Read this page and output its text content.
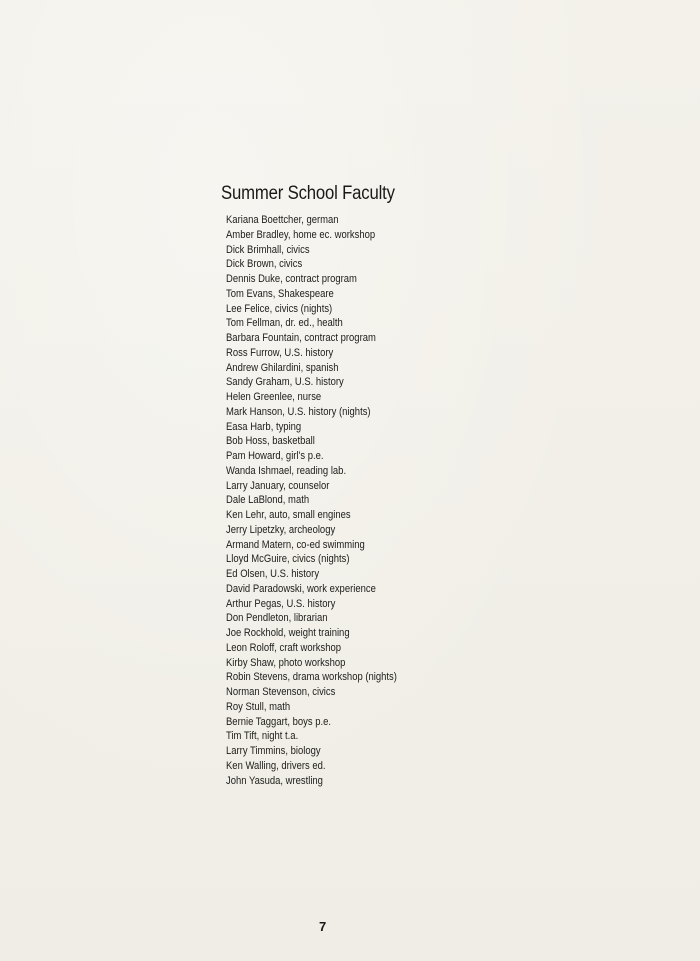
Summer School Faculty
Kariana Boettcher, german
Amber Bradley, home ec. workshop
Dick Brimhall, civics
Dick Brown, civics
Dennis Duke, contract program
Tom Evans, Shakespeare
Lee Felice, civics (nights)
Tom Fellman, dr. ed., health
Barbara Fountain, contract program
Ross Furrow, U.S. history
Andrew Ghilardini, spanish
Sandy Graham, U.S. history
Helen Greenlee, nurse
Mark Hanson, U.S. history (nights)
Easa Harb, typing
Bob Hoss, basketball
Pam Howard, girl's p.e.
Wanda Ishmael, reading lab.
Larry January, counselor
Dale LaBlond, math
Ken Lehr, auto, small engines
Jerry Lipetzky, archeology
Armand Matern, co-ed swimming
Lloyd McGuire, civics (nights)
Ed Olsen, U.S. history
David Paradowski, work experience
Arthur Pegas, U.S. history
Don Pendleton, librarian
Joe Rockhold, weight training
Leon Roloff, craft workshop
Kirby Shaw, photo workshop
Robin Stevens, drama workshop (nights)
Norman Stevenson, civics
Roy Stull, math
Bernie Taggart, boys p.e.
Tim Tift, night t.a.
Larry Timmins, biology
Ken Walling, drivers ed.
John Yasuda, wrestling
7
